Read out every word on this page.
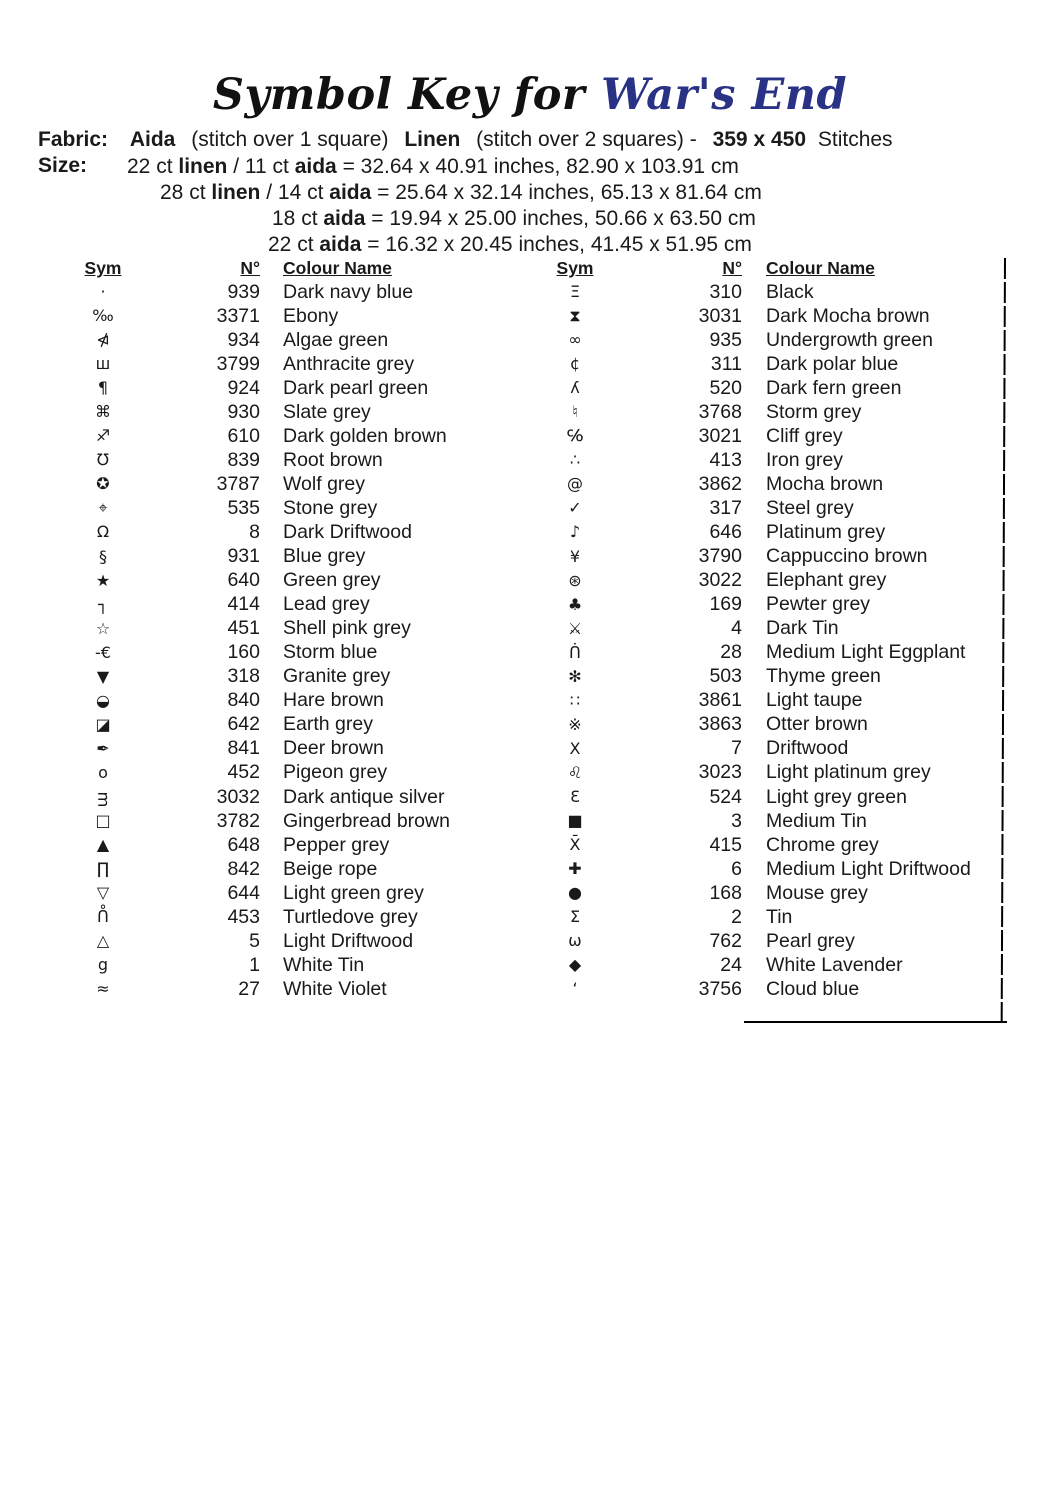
Symbol Key for War's End
Fabric: Aida (stitch over 1 square) Linen (stitch over 2 squares) - 359 x 450 Stitches
Size: 22 ct linen / 11 ct aida = 32.64 x 40.91 inches, 82.90 x 103.91 cm
28 ct linen / 14 ct aida = 25.64 x 32.14 inches, 65.13 x 81.64 cm
18 ct aida = 19.94 x 25.00 inches, 50.66 x 63.50 cm
22 ct aida = 16.32 x 20.45 inches, 41.45 x 51.95 cm
Sym	N° Colour Name
·	939 Dark navy blue
‰	3371 Ebony
⋪	934 Algae green
ш	3799 Anthracite grey
¶	924 Dark pearl green
⌘	930 Slate grey
♐	610 Dark golden brown
℧	839 Root brown
✪	3787 Wolf grey
⌖	535 Stone grey
Ω	8 Dark Driftwood
§	931 Blue grey
★	640 Green grey
┐	414 Lead grey
☆	451 Shell pink grey
-€	160 Storm blue
▼	318 Granite grey
◒	840 Hare brown
◪	642 Earth grey
✒	841 Deer brown
o	452 Pigeon grey
ᴟ	3032 Dark antique silver
□	3782 Gingerbread brown
▲	648 Pepper grey
∏	842 Beige rope
▽	644 Light green grey
ᑍ	453 Turtledove grey
△	5 Light Driftwood
g	1 White Tin
≈	27 White Violet
Sym	N° Colour Name
Ξ	310 Black
⧗	3031 Dark Mocha brown
∞	935 Undergrowth green
¢	311 Dark polar blue
ʎ	520 Dark fern green
♮	3768 Storm grey
℅	3021 Cliff grey
∴	413 Iron grey
@	3862 Mocha brown
✓	317 Steel grey
♪	646 Platinum grey
¥	3790 Cappuccino brown
⊛	3022 Elephant grey
♣	169 Pewter grey
⚔	4 Dark Tin
ᑏ	28 Medium Light Eggplant
✻	503 Thyme green
∷	3861 Light taupe
※	3863 Otter brown
X	7 Driftwood
♌	3023 Light platinum grey
Ɛ	524 Light grey green
■	3 Medium Tin
X̄	415 Chrome grey
✚	6 Medium Light Driftwood
●	168 Mouse grey
Σ	2 Tin
ω	762 Pearl grey
◆	24 White Lavender
‘	3756 Cloud blue
